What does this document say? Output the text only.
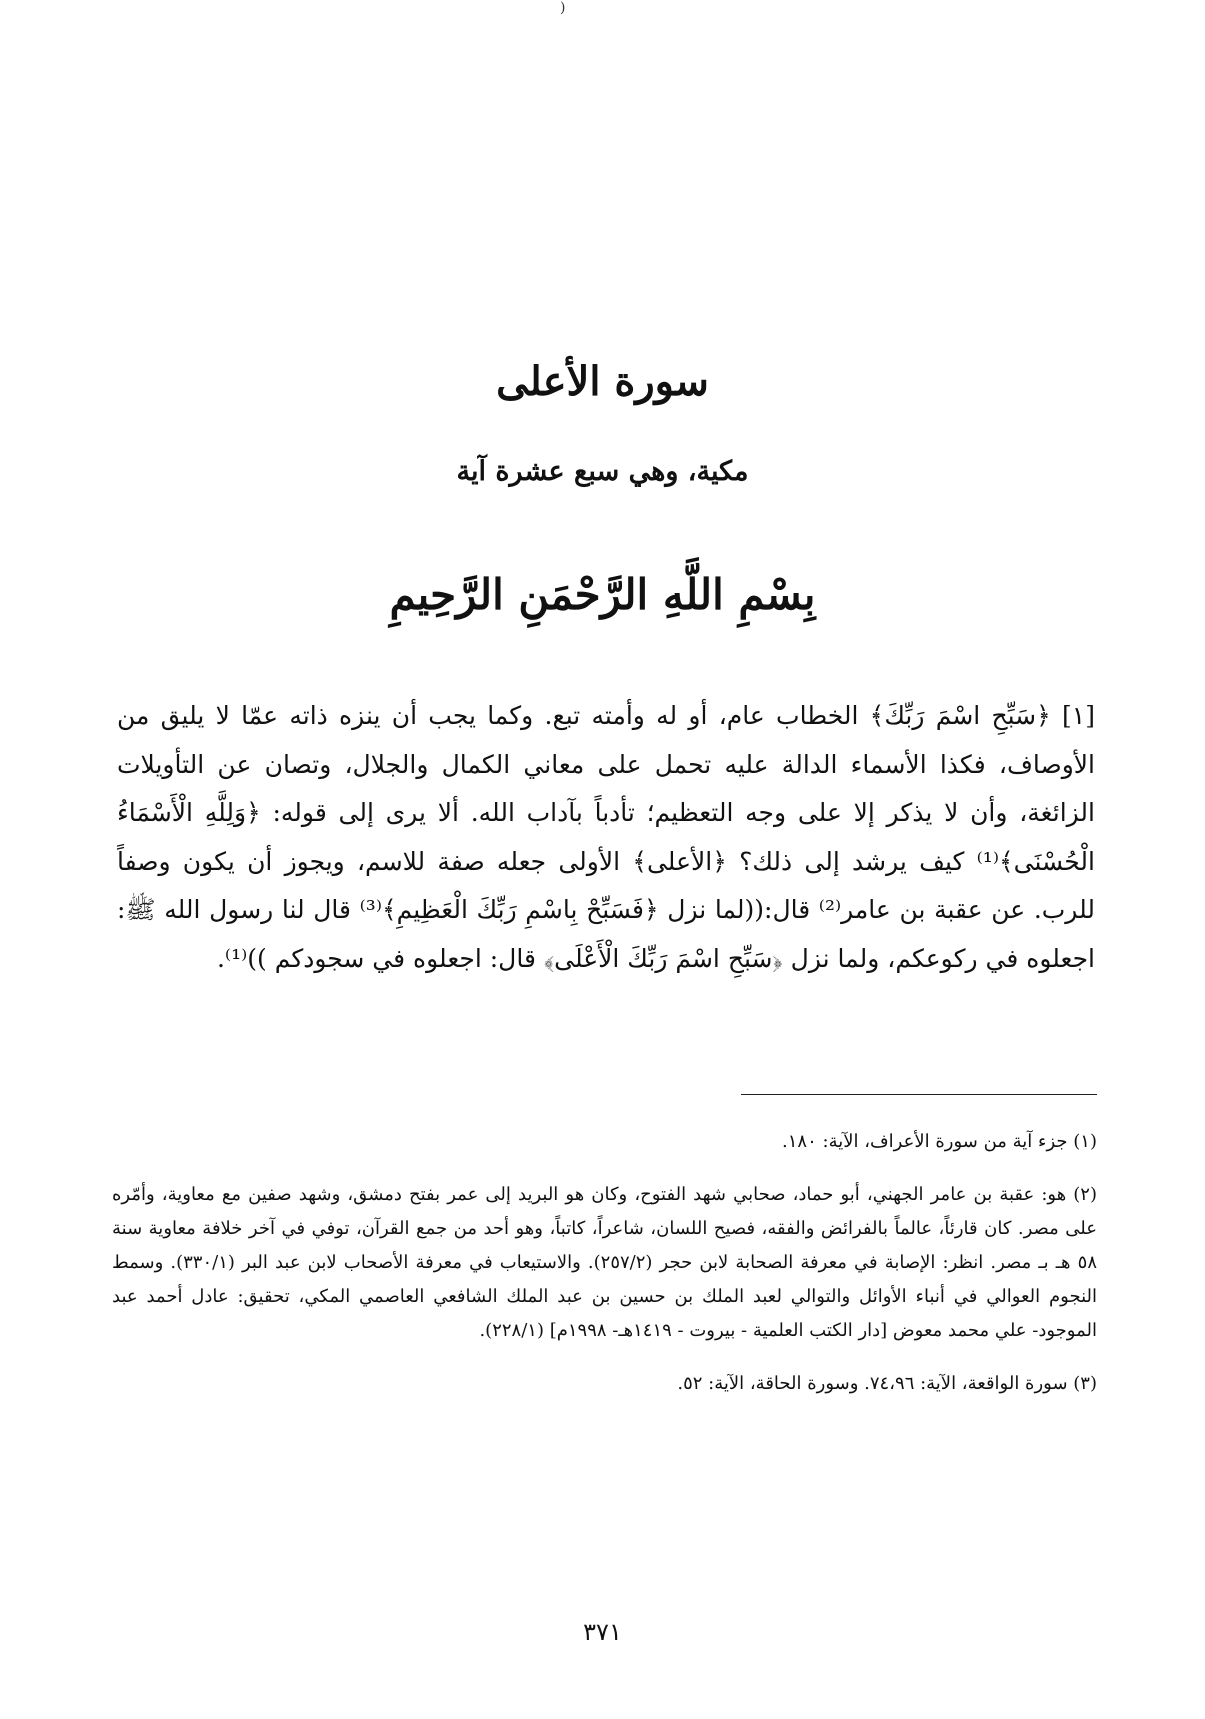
(
سورة الأعلى
مكية، وهي سبع عشرة آية
بِسْمِ اللَّهِ الرَّحْمَنِ الرَّحِيمِ

[١] ﴿سَبِّحِ اسْمَ رَبِّكَ﴾ الخطاب عام، أو له وأمته تبع. وكما يجب أن ينزه ذاته عمّا لا يليق من الأوصاف، فكذا الأسماء الدالة عليه تحمل على معاني الكمال والجلال، وتصان عن التأويلات الزائغة، وأن لا يذكر إلا على وجه التعظيم؛ تأدباً بآداب الله. ألا يرى إلى قوله: ﴿وَلِلَّهِ الْأَسْمَاءُ الْحُسْنَى﴾⁽¹⁾ كيف يرشد إلى ذلك؟ ﴿الأعلى﴾ الأولى جعله صفة للاسم، ويجوز أن يكون وصفاً للرب. عن عقبة بن عامر⁽²⁾ قال:((لما نزل ﴿فَسَبِّحْ بِاسْمِ رَبِّكَ الْعَظِيمِ﴾⁽³⁾ قال لنا رسول الله ﷺ: اجعلوه في ركوعكم، ولما نزل ﴿سَبِّحِ اسْمَ رَبِّكَ الْأَعْلَى﴾ قال: اجعلوه في سجودكم ))⁽¹⁾.

(١) جزء آية من سورة الأعراف، الآية: ١٨٠.

(٢) هو: عقبة بن عامر الجهني، أبو حماد، صحابي شهد الفتوح، وكان هو البريد إلى عمر بفتح دمشق، وشهد صفين مع معاوية، وأمّره على مصر. كان قارئاً، عالماً بالفرائض والفقه، فصيح اللسان، شاعراً، كاتباً، وهو أحد من جمع القرآن، توفي في آخر خلافة معاوية سنة ٥٨ هـ بـ مصر. انظر: الإصابة في معرفة الصحابة لابن حجر (٢٥٧/٢). والاستيعاب في معرفة الأصحاب لابن عبد البر (٣٣٠/١). وسمط النجوم العوالي في أنباء الأوائل والتوالي لعبد الملك بن حسين بن عبد الملك الشافعي العاصمي المكي، تحقيق: عادل أحمد عبد الموجود- علي محمد معوض [دار الكتب العلمية - بيروت - ١٤١٩هـ- ١٩٩٨م] (٢٢٨/١).

(٣) سورة الواقعة، الآية: ٧٤،٩٦. وسورة الحاقة، الآية: ٥٢.

٣٧١
